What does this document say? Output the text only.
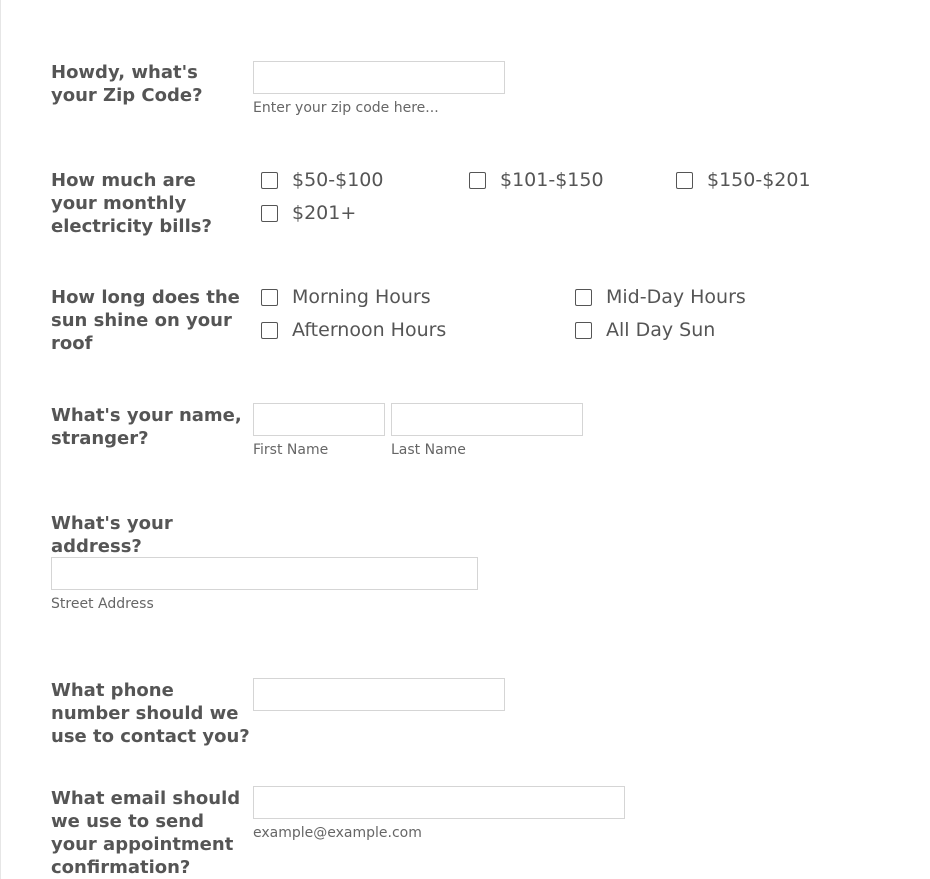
Howdy, what's your Zip Code?
Enter your zip code here...
How much are your monthly electricity bills?
$50-$100	$101-$150	$150-$201
$201+
How long does the sun shine on your roof
Morning Hours	Mid-Day Hours
Afternoon Hours	All Day Sun
What's your name, stranger?
First Name	Last Name
What's your address?
Street Address
What phone number should we use to contact you?
What email should we use to send your appointment confirmation?
example@example.com
